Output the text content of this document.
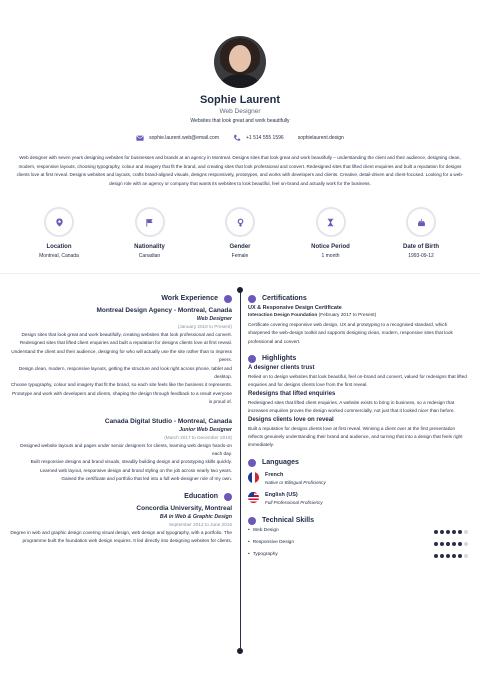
Sophie Laurent
Web Designer
Websites that look great and work beautifully
sophie.laurent.web@email.com	+1 514 555 1596	sophielaurent.design
Web designer with seven years designing websites for businesses and brands at an agency in Montreal. Designs sites that look great and work beautifully – understanding the client and their audience, designing clean, modern, responsive layouts, choosing typography, colour and imagery that fit the brand, and creating sites that look professional and convert. Redesigned sites that lifted client enquiries and built a reputation for designs clients love at first reveal. Designs websites and layouts, crafts brand-aligned visuals, designs responsively, prototypes, and works with developers and clients. Creative, detail-driven and client-focused. Looking for a web-design role with an agency or company that wants its websites to look beautiful, feel on-brand and actually work for the business.
Location
Montreal, Canada
Nationality
Canadian
Gender
Female
Notice Period
1 month
Date of Birth
1993-09-12
Work Experience
Montreal Design Agency - Montreal, Canada
Web Designer
(January 2019 to Present)

Design sites that look great and work beautifully, creating websites that look professional and convert.

Redesigned sites that lifted client enquiries and built a reputation for designs clients love at first reveal.

Understand the client and their audience, designing for who will actually use the site rather than to impress peers.

Design clean, modern, responsive layouts, getting the structure and look right across phone, tablet and desktop.

Choose typography, colour and imagery that fit the brand, so each site feels like the business it represents.

Prototype and work with developers and clients, shaping the design through feedback to a result everyone is proud of.

Canada Digital Studio - Montreal, Canada
Junior Web Designer
(March 2017 to December 2018)

Designed website layouts and pages under senior designers for clients, learning web design hands-on each day.

Built responsive designs and brand visuals, steadily building design and prototyping skills quickly.

Learned web layout, responsive design and brand styling on the job across nearly two years.

Gained the certificate and portfolio that led into a full web-designer role of my own.

Education
Concordia University, Montreal
BA in Web & Graphic Design
September 2012 to June 2016

Degree in web and graphic design covering visual design, web design and typography, with a portfolio. The programme built the foundation web design requires. It led directly into designing websites for clients.

Certifications
UX & Responsive Design Certificate
Interaction Design Foundation (February 2017 to Present)

Certificate covering responsive web design, UX and prototyping to a recognised standard, which sharpened the web-design toolkit and supports designing clean, modern, responsive sites that look professional and convert.

Highlights
A designer clients trust

Relied on to design websites that look beautiful, feel on-brand and convert, valued for redesigns that lifted enquiries and for designs clients love from the first reveal.

Redesigns that lifted enquiries

Redesigned sites that lifted client enquiries. A website exists to bring in business, so a redesign that increases enquiries proves the design worked commercially, not just that it looked nicer than before.

Designs clients love on reveal

Built a reputation for designs clients love at first reveal. Winning a client over at the first presentation reflects genuinely understanding their brand and audience, and turning that into a design that feels right immediately.

Languages
French
Native or Bilingual Proficiency
English (US)
Full Professional Proficiency
Technical Skills
• Web Design
• Responsive Design
• Typography
